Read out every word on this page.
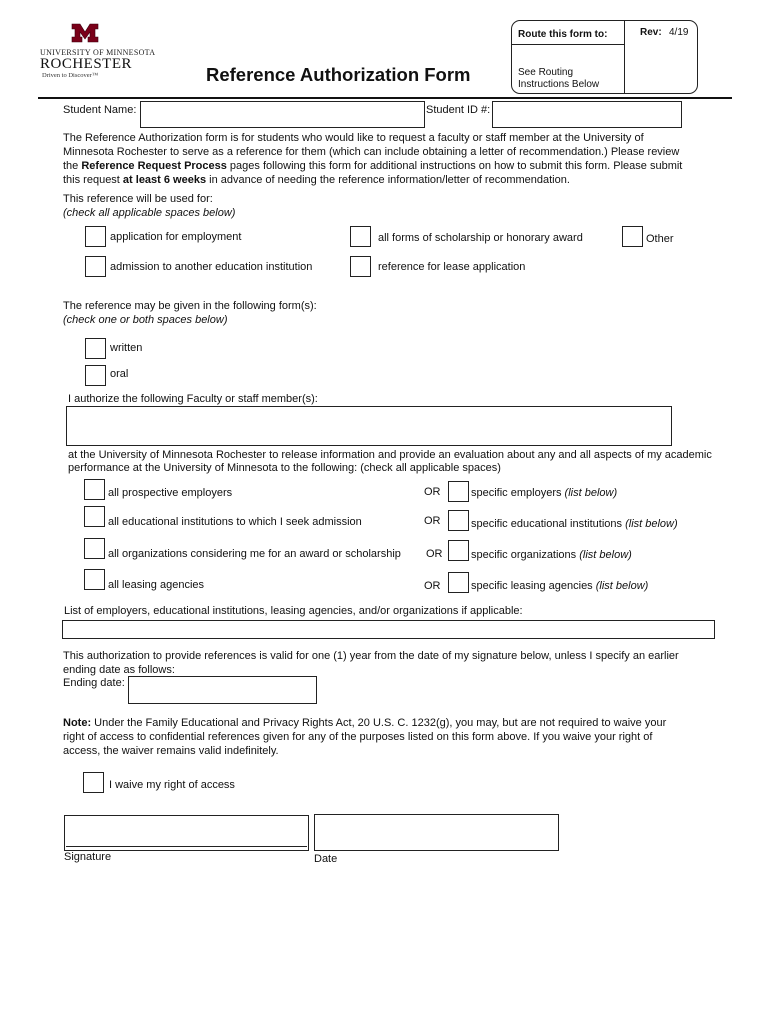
UNIVERSITY OF MINNESOTA
ROCHESTER
Driven to Discover™	Reference Authorization Form
Route this form to:	Rev: 4/19
See Routing
Instructions Below
Student Name:	Student ID #:
The Reference Authorization form is for students who would like to request a faculty or staff member at the University of
Minnesota Rochester to serve as a reference for them (which can include obtaining a letter of recommendation.) Please review
the Reference Request Process pages following this form for additional instructions on how to submit this form. Please submit
this request at least 6 weeks in advance of needing the reference information/letter of recommendation.
This reference will be used for:
(check all applicable spaces below)
application for employment	all forms of scholarship or honorary award	Other
admission to another education institution	reference for lease application
The reference may be given in the following form(s):
(check one or both spaces below)
written
oral
I authorize the following Faculty or staff member(s):
at the University of Minnesota Rochester to release information and provide an evaluation about any and all aspects of my academic
performance at the University of Minnesota to the following: (check all applicable spaces)
all prospective employers	OR	specific employers (list below)
all educational institutions to which I seek admission	OR	specific educational institutions (list below)
all organizations considering me for an award or scholarship OR	specific organizations (list below)
all leasing agencies	OR	specific leasing agencies (list below)
List of employers, educational institutions, leasing agencies, and/or organizations if applicable:
This authorization to provide references is valid for one (1) year from the date of my signature below, unless I specify an earlier
ending date as follows:
Ending date:
Note: Under the Family Educational and Privacy Rights Act, 20 U.S. C. 1232(g), you may, but are not required to waive your
right of access to confidential references given for any of the purposes listed on this form above. If you waive your right of
access, the waiver remains valid indefinitely.
I waive my right of access
Signature	Date
